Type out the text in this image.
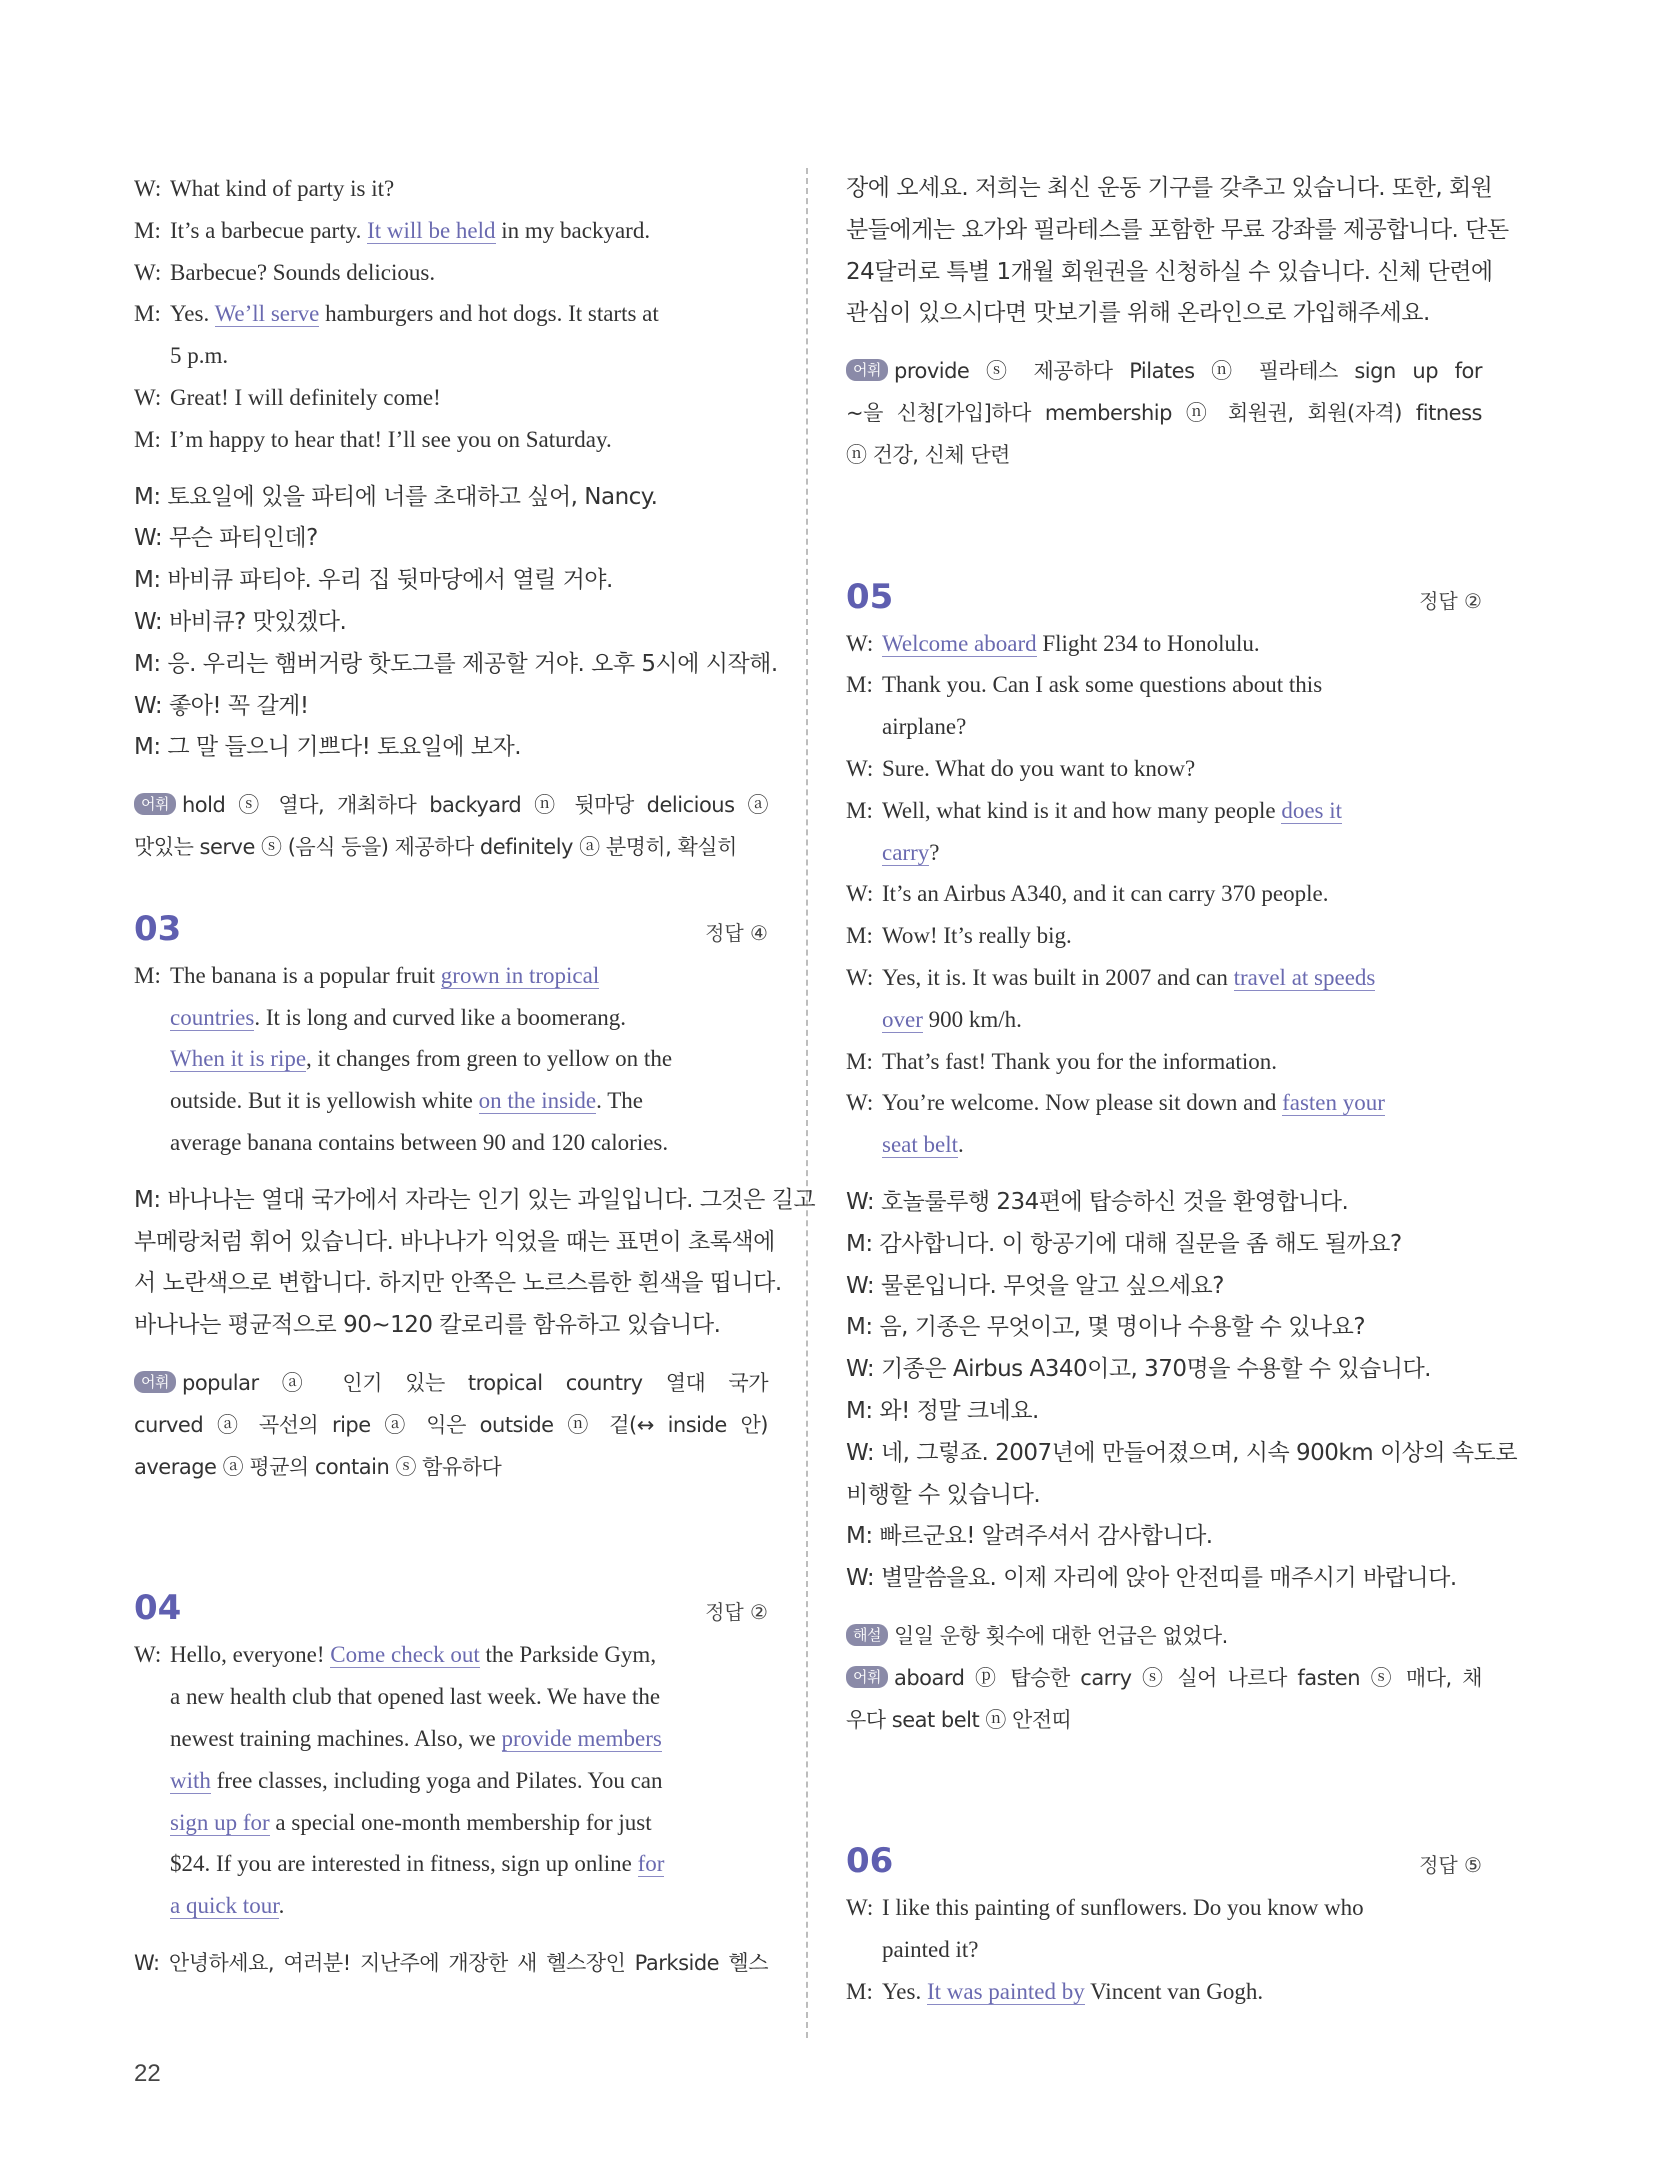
W: What kind of party is it?
M: It’s a barbecue party. It will be held in my backyard.
W: Barbecue? Sounds delicious.
M: Yes. We’ll serve hamburgers and hot dogs. It starts at
5 p.m.
W: Great! I will definitely come!
M: I’m happy to hear that! I’ll see you on Saturday.
M: 토요일에 있을 파티에 너를 초대하고 싶어, Nancy.
W: 무슨 파티인데?
M: 바비큐 파티야. 우리 집 뒷마당에서 열릴 거야.
W: 바비큐? 맛있겠다.
M: 응. 우리는 햄버거랑 핫도그를 제공할 거야. 오후 5시에 시작해.
W: 좋아! 꼭 갈게!
M: 그 말 들으니 기쁘다! 토요일에 보자.
어휘 hold ⓢ 열다, 개최하다 backyard ⓝ 뒷마당 delicious ⓐ
맛있는 serve ⓢ (음식 등을) 제공하다 definitely ⓐ 분명히, 확실히
03	정답 ④
M: The banana is a popular fruit grown in tropical
countries. It is long and curved like a boomerang.
When it is ripe, it changes from green to yellow on the
outside. But it is yellowish white on the inside. The
average banana contains between 90 and 120 calories.
M: 바나나는 열대 국가에서 자라는 인기 있는 과일입니다. 그것은 길고
부메랑처럼 휘어 있습니다. 바나나가 익었을 때는 표면이 초록색에
서 노란색으로 변합니다. 하지만 안쪽은 노르스름한 흰색을 띱니다.
바나나는 평균적으로 90~120 칼로리를 함유하고 있습니다.
어휘 popular ⓐ 인기 있는 tropical country 열대 국가
curved ⓐ 곡선의 ripe ⓐ 익은 outside ⓝ 겉(↔ inside 안)
average ⓐ 평균의 contain ⓢ 함유하다
04	정답 ②
W: Hello, everyone! Come check out the Parkside Gym,
a new health club that opened last week. We have the
newest training machines. Also, we provide members
with free classes, including yoga and Pilates. You can
sign up for a special one-month membership for just
$24. If you are interested in fitness, sign up online for
a quick tour.
W: 안녕하세요, 여러분! 지난주에 개장한 새 헬스장인 Parkside 헬스
장에 오세요. 저희는 최신 운동 기구를 갖추고 있습니다. 또한, 회원
분들에게는 요가와 필라테스를 포함한 무료 강좌를 제공합니다. 단돈
24달러로 특별 1개월 회원권을 신청하실 수 있습니다. 신체 단련에
관심이 있으시다면 맛보기를 위해 온라인으로 가입해주세요.
어휘 provide ⓢ 제공하다 Pilates ⓝ 필라테스 sign up for
~을 신청[가입]하다 membership ⓝ 회원권, 회원(자격) fitness
ⓝ 건강, 신체 단련
05	정답 ②
W: Welcome aboard Flight 234 to Honolulu.
M: Thank you. Can I ask some questions about this
airplane?
W: Sure. What do you want to know?
M: Well, what kind is it and how many people does it
carry?
W: It’s an Airbus A340, and it can carry 370 people.
M: Wow! It’s really big.
W: Yes, it is. It was built in 2007 and can travel at speeds
over 900 km/h.
M: That’s fast! Thank you for the information.
W: You’re welcome. Now please sit down and fasten your
seat belt.
W: 호놀룰루행 234편에 탑승하신 것을 환영합니다.
M: 감사합니다. 이 항공기에 대해 질문을 좀 해도 될까요?
W: 물론입니다. 무엇을 알고 싶으세요?
M: 음, 기종은 무엇이고, 몇 명이나 수용할 수 있나요?
W: 기종은 Airbus A340이고, 370명을 수용할 수 있습니다.
M: 와! 정말 크네요.
W: 네, 그렇죠. 2007년에 만들어졌으며, 시속 900km 이상의 속도로
비행할 수 있습니다.
M: 빠르군요! 알려주셔서 감사합니다.
W: 별말씀을요. 이제 자리에 앉아 안전띠를 매주시기 바랍니다.
해설 일일 운항 횟수에 대한 언급은 없었다.
어휘 aboard ⓟ 탑승한 carry ⓢ 실어 나르다 fasten ⓢ 매다, 채
우다 seat belt ⓝ 안전띠
06	정답 ⑤
W: I like this painting of sunflowers. Do you know who
painted it?
M: Yes. It was painted by Vincent van Gogh.
22
